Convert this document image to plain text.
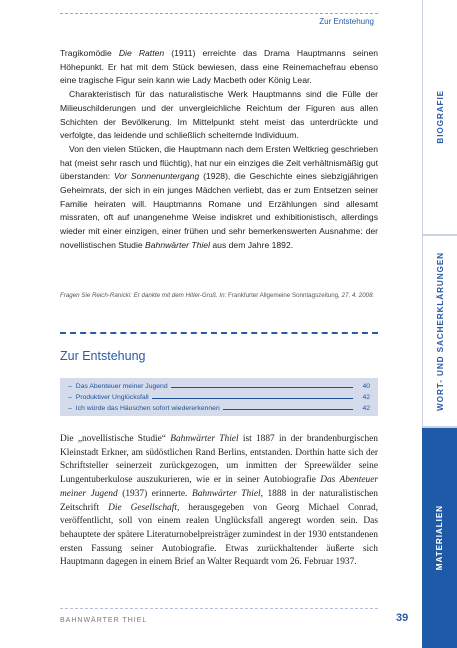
Zur Entstehung
BIOGRAFIE
WORT- UND SACHERKLÄRUNGEN
MATERIALIEN

Tragikomödie Die Ratten (1911) erreichte das Drama Hauptmanns seinen Höhepunkt. Er hat mit dem Stück bewiesen, dass eine Reinemachefrau ebenso eine tragische Figur sein kann wie Lady Macbeth oder König Lear.

Charakteristisch für das naturalistische Werk Hauptmanns sind die Fülle der Milieuschilderungen und der unvergleichliche Reichtum der Figuren aus allen Schichten der Bevölkerung. Im Mittelpunkt steht meist das unterdrückte und verfolgte, das leidende und schließlich scheiternde Individuum.

Von den vielen Stücken, die Hauptmann nach dem Ersten Weltkrieg geschrieben hat (meist sehr rasch und flüchtig), hat nur ein einziges die Zeit verhältnismäßig gut überstanden: Vor Sonnenuntergang (1928), die Geschichte eines siebzigjährigen Geheimrats, der sich in ein junges Mädchen verliebt, das er zum Entsetzen seiner Familie heiraten will. Hauptmanns Romane und Erzählungen sind allesamt missraten, oft auf unangenehme Weise indiskret und exhibitionistisch, allerdings wieder mit einer einzigen, einer frühen und sehr bemerkenswerten Ausnahme: der novellistischen Studie Bahnwärter Thiel aus dem Jahre 1892.

Fragen Sie Reich-Ranicki: Er dankte mit dem Hitler-Gruß. In: Frankfurter Allgemeine Sonntagszeitung, 27. 4. 2008.
Zur Entstehung
– Das Abenteuer meiner Jugend	40
– Produktiver Unglücksfall	42
– Ich würde das Häuschen sofort wiedererkennen	42

Die „novellistische Studie“ Bahnwärter Thiel ist 1887 in der brandenburgischen Kleinstadt Erkner, am südöstlichen Rand Berlins, entstanden. Dorthin hatte sich der Schriftsteller seinerzeit zurückgezogen, um inmitten der Spreewälder seine Lungentuberkulose auszukurieren, wie er in seiner Autobiografie Das Abenteuer meiner Jugend (1937) erinnerte. Bahnwärter Thiel, 1888 in der naturalistischen Zeitschrift Die Gesellschaft, herausgegeben von Georg Michael Conrad, veröffentlicht, soll von einem realen Unglücksfall angeregt worden sein. Das behauptete der spätere Literaturnobelpreisträger zumindest in der 1930 entstandenen ersten Fassung seiner Autobiografie. Etwas zurückhaltender äußerte sich Hauptmann dagegen in einem Brief an Walter Requardt vom 26. Februar 1937.

BAHNWÄRTER THIEL	39
